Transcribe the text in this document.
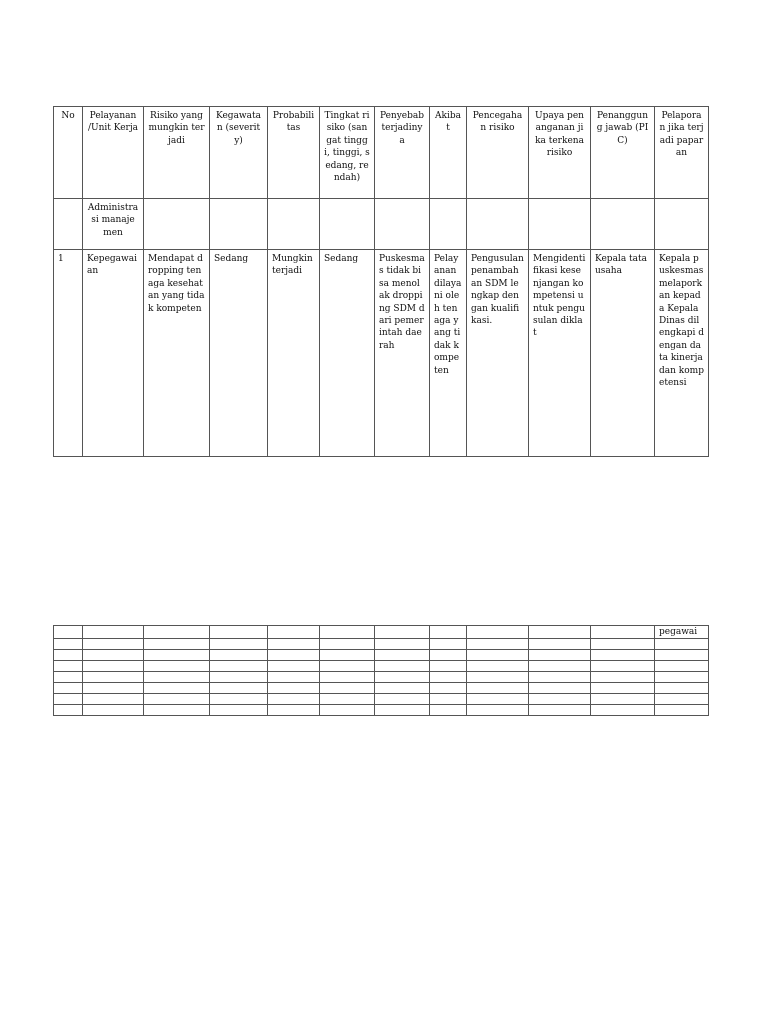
No	Pelayanan /Unit Kerja	Risiko yang mungkin terjadi	Kegawatan (severity)	Probabilitas	Tingkat risiko (sangat tinggi, tinggi, sedang, rendah)	Penyebab terjadinya	Akibat	Pencegahan risiko	Upaya penanganan jika terkena risiko	Penanggung jawab (PIC)	Pelaporan jika terjadi paparan
	Administrasi manajemen										
1	Kepegawaian	Mendapat dropping tenaga kesehatan yang tidak kompeten	Sedang	Mungkin terjadi	Sedang	Puskesmas tidak bisa menolak dropping SDM dari pemerintah daerah	Pelayanan dilayani oleh tenaga yang tidak kompeten	Pengusulan penambahan SDM lengkap dengan kualifikasi.	Mengidentifikasi kesenjangan kompetensi untuk pengusulan diklat	Kepala tata usaha	Kepala puskesmas melaporkan kepada Kepala Dinas dilengkapi dengan data kinerja dan kompetensi
											pegawai
